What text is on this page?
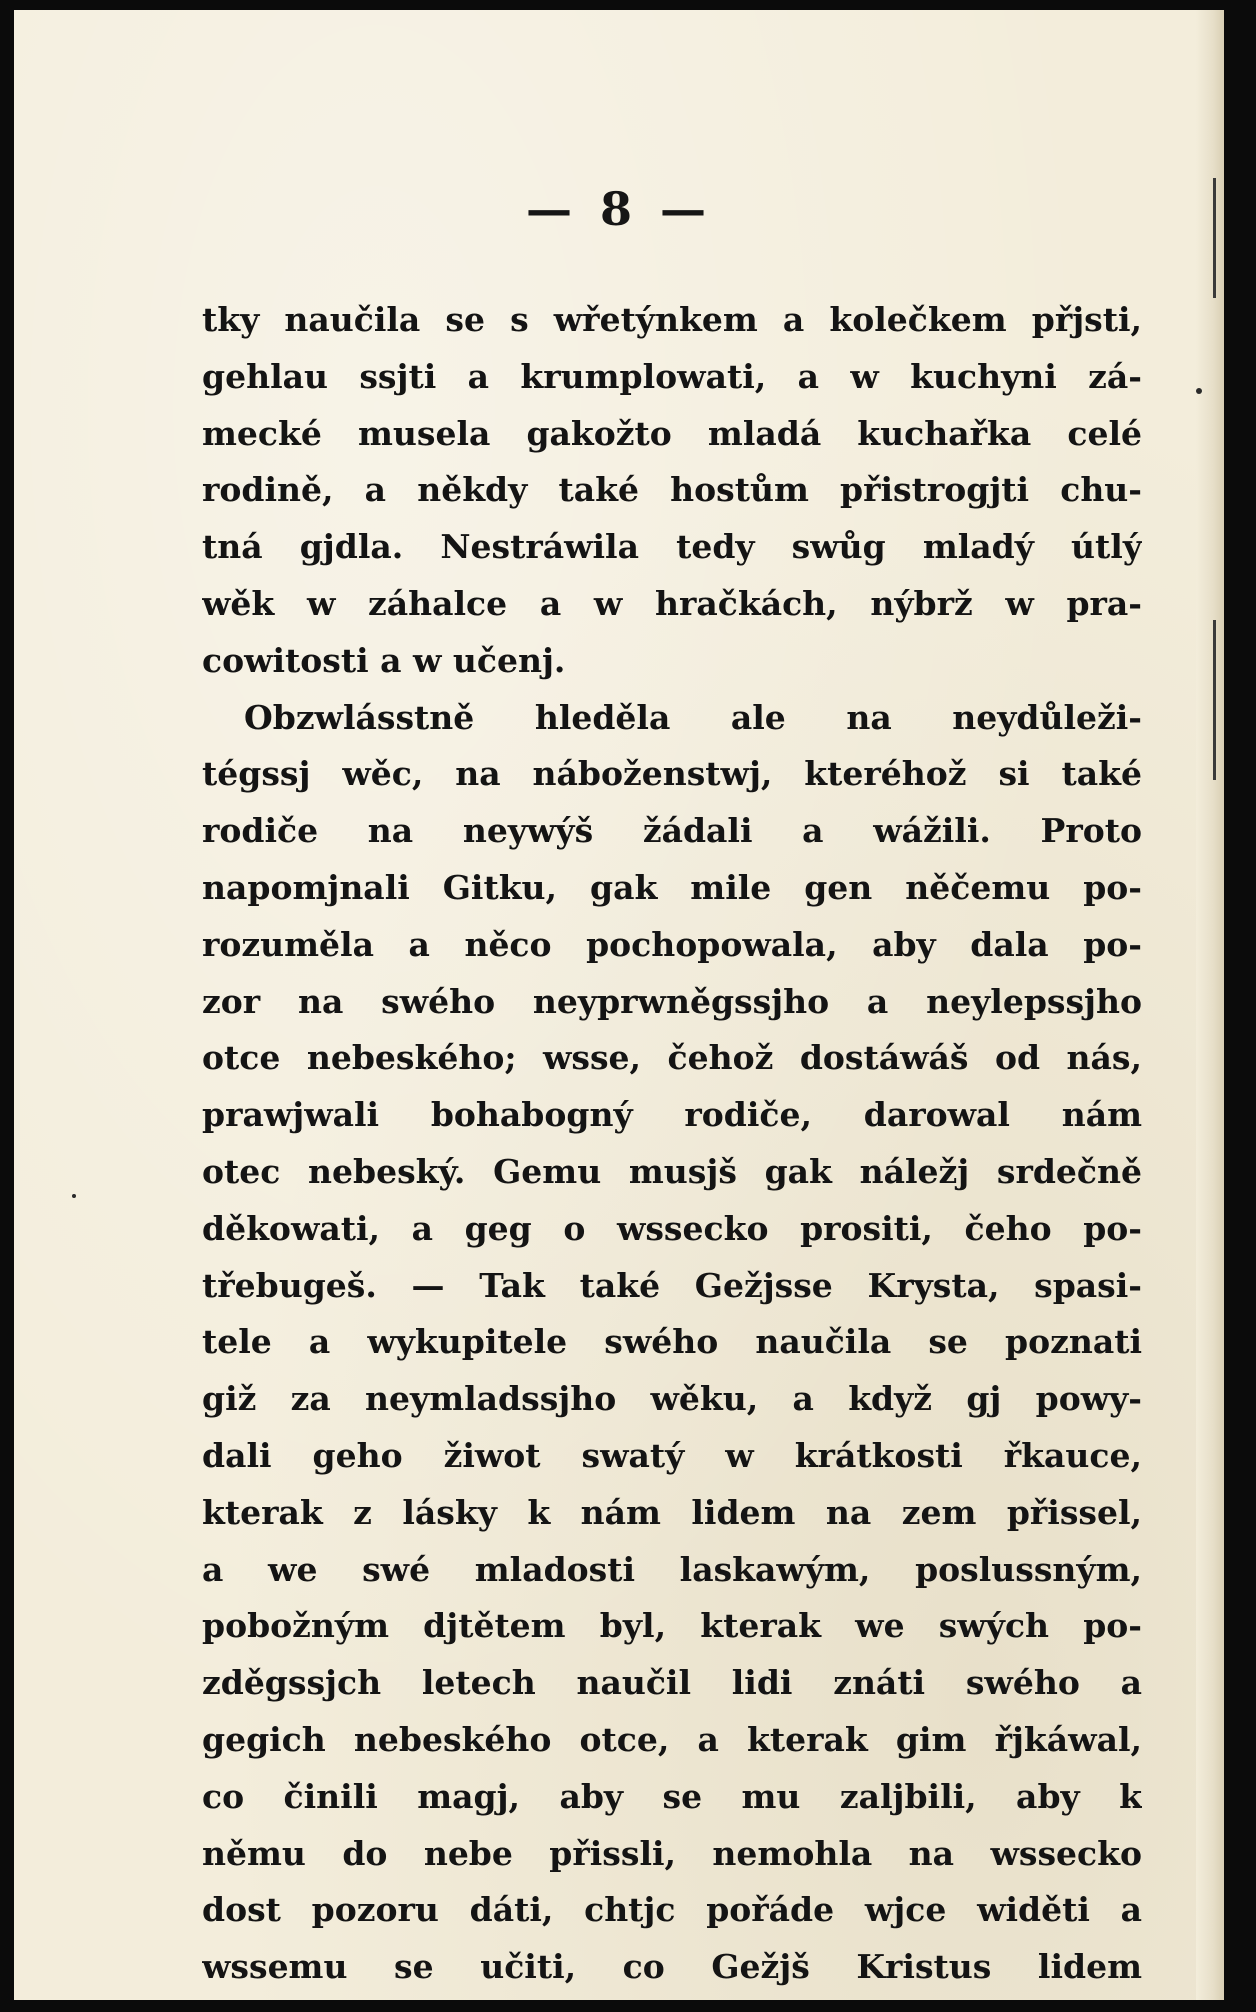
— 8 —
tky naučila se s wřetýnkem a kolečkem přjsti,
gehlau ssjti a krumplowati, a w kuchyni zá-
mecké musela gakožto mladá kuchařka celé
rodině, a někdy také hostům přistrogjti chu-
tná gjdla. Nestráwila tedy swůg mladý útlý
wěk w záhalce a w hračkách, nýbrž w pra-
cowitosti a w učenj.
Obzwlásstně hleděla ale na neydůleži-
tégssj wěc, na náboženstwj, kteréhož si také
rodiče na neywýš žádali a wážili. Proto
napomjnali Gitku, gak mile gen něčemu po-
rozuměla a něco pochopowala, aby dala po-
zor na swého neyprwněgssjho a neylepssjho
otce nebeského; wsse, čehož dostáwáš od nás,
prawjwali bohabogný rodiče, darowal nám
otec nebeský. Gemu musjš gak náležj srdečně
děkowati, a geg o wssecko prositi, čeho po-
třebugeš. — Tak také Gežjsse Krysta, spasi-
tele a wykupitele swého naučila se poznati
giž za neymladssjho wěku, a když gj powy-
dali geho žiwot swatý w krátkosti řkauce,
kterak z lásky k nám lidem na zem přissel,
a we swé mladosti laskawým, poslussným,
pobožným djtětem byl, kterak we swých po-
zděgssjch letech naučil lidi znáti swého a
gegich nebeského otce, a kterak gim řjkáwal,
co činili magj, aby se mu zaljbili, aby k
němu do nebe přissli, nemohla na wssecko
dost pozoru dáti, chtjc pořáde wjce widěti a
wssemu se učiti, co Gežjš Kristus lidem
